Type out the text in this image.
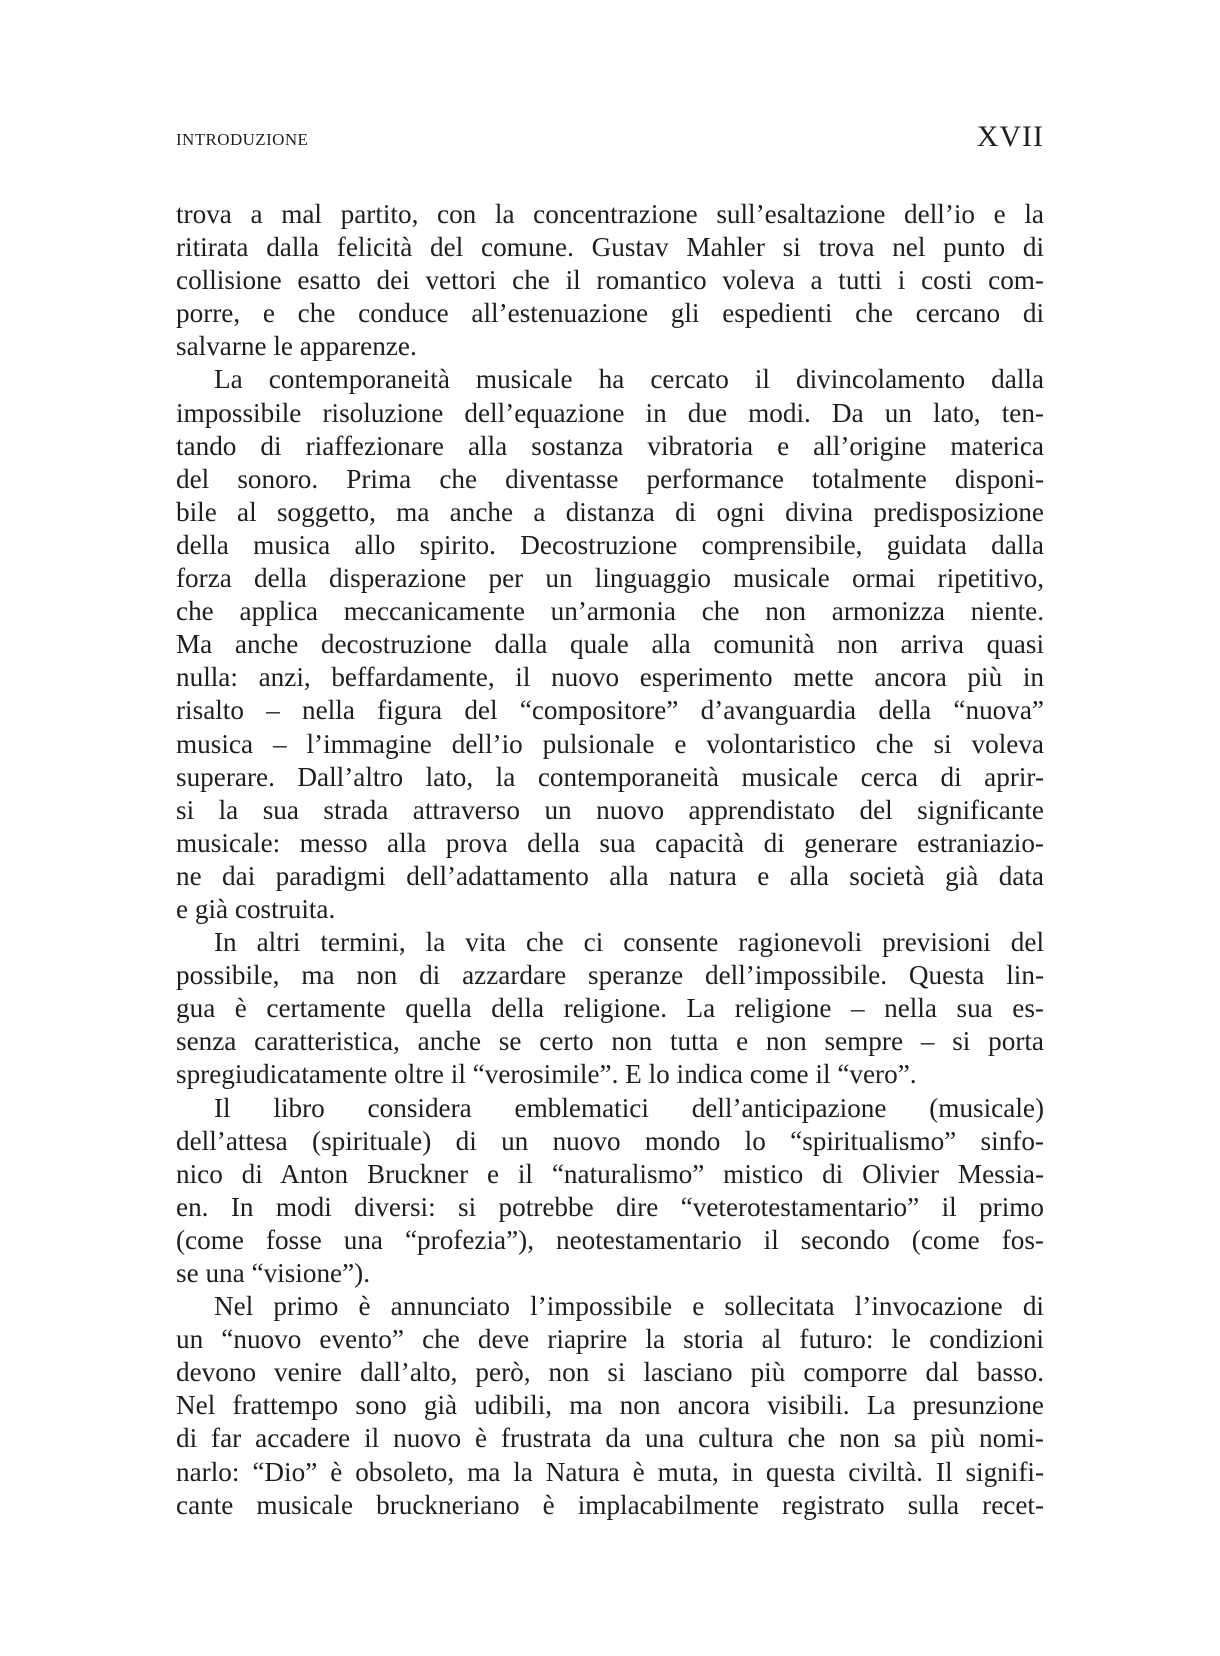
INTRODUZIONE	XVII
trova a mal partito, con la concentrazione sull’esaltazione dell’io e la
ritirata dalla felicità del comune. Gustav Mahler si trova nel punto di
collisione esatto dei vettori che il romantico voleva a tutti i costi com-
porre, e che conduce all’estenuazione gli espedienti che cercano di
salvarne le apparenze.
La contemporaneità musicale ha cercato il divincolamento dalla
impossibile risoluzione dell’equazione in due modi. Da un lato, ten-
tando di riaffezionare alla sostanza vibratoria e all’origine materica
del sonoro. Prima che diventasse performance totalmente disponi-
bile al soggetto, ma anche a distanza di ogni divina predisposizione
della musica allo spirito. Decostruzione comprensibile, guidata dalla
forza della disperazione per un linguaggio musicale ormai ripetitivo,
che applica meccanicamente un’armonia che non armonizza niente.
Ma anche decostruzione dalla quale alla comunità non arriva quasi
nulla: anzi, beffardamente, il nuovo esperimento mette ancora più in
risalto – nella figura del “compositore” d’avanguardia della “nuova”
musica – l’immagine dell’io pulsionale e volontaristico che si voleva
superare. Dall’altro lato, la contemporaneità musicale cerca di aprir-
si la sua strada attraverso un nuovo apprendistato del significante
musicale: messo alla prova della sua capacità di generare estraniazio-
ne dai paradigmi dell’adattamento alla natura e alla società già data
e già costruita.
In altri termini, la vita che ci consente ragionevoli previsioni del
possibile, ma non di azzardare speranze dell’impossibile. Questa lin-
gua è certamente quella della religione. La religione – nella sua es-
senza caratteristica, anche se certo non tutta e non sempre – si porta
spregiudicatamente oltre il “verosimile”. E lo indica come il “vero”.
Il libro considera emblematici dell’anticipazione (musicale)
dell’attesa (spirituale) di un nuovo mondo lo “spiritualismo” sinfo-
nico di Anton Bruckner e il “naturalismo” mistico di Olivier Messia-
en. In modi diversi: si potrebbe dire “veterotestamentario” il primo
(come fosse una “profezia”), neotestamentario il secondo (come fos-
se una “visione”).
Nel primo è annunciato l’impossibile e sollecitata l’invocazione di
un “nuovo evento” che deve riaprire la storia al futuro: le condizioni
devono venire dall’alto, però, non si lasciano più comporre dal basso.
Nel frattempo sono già udibili, ma non ancora visibili. La presunzione
di far accadere il nuovo è frustrata da una cultura che non sa più nomi-
narlo: “Dio” è obsoleto, ma la Natura è muta, in questa civiltà. Il signifi-
cante musicale bruckneriano è implacabilmente registrato sulla recet-
